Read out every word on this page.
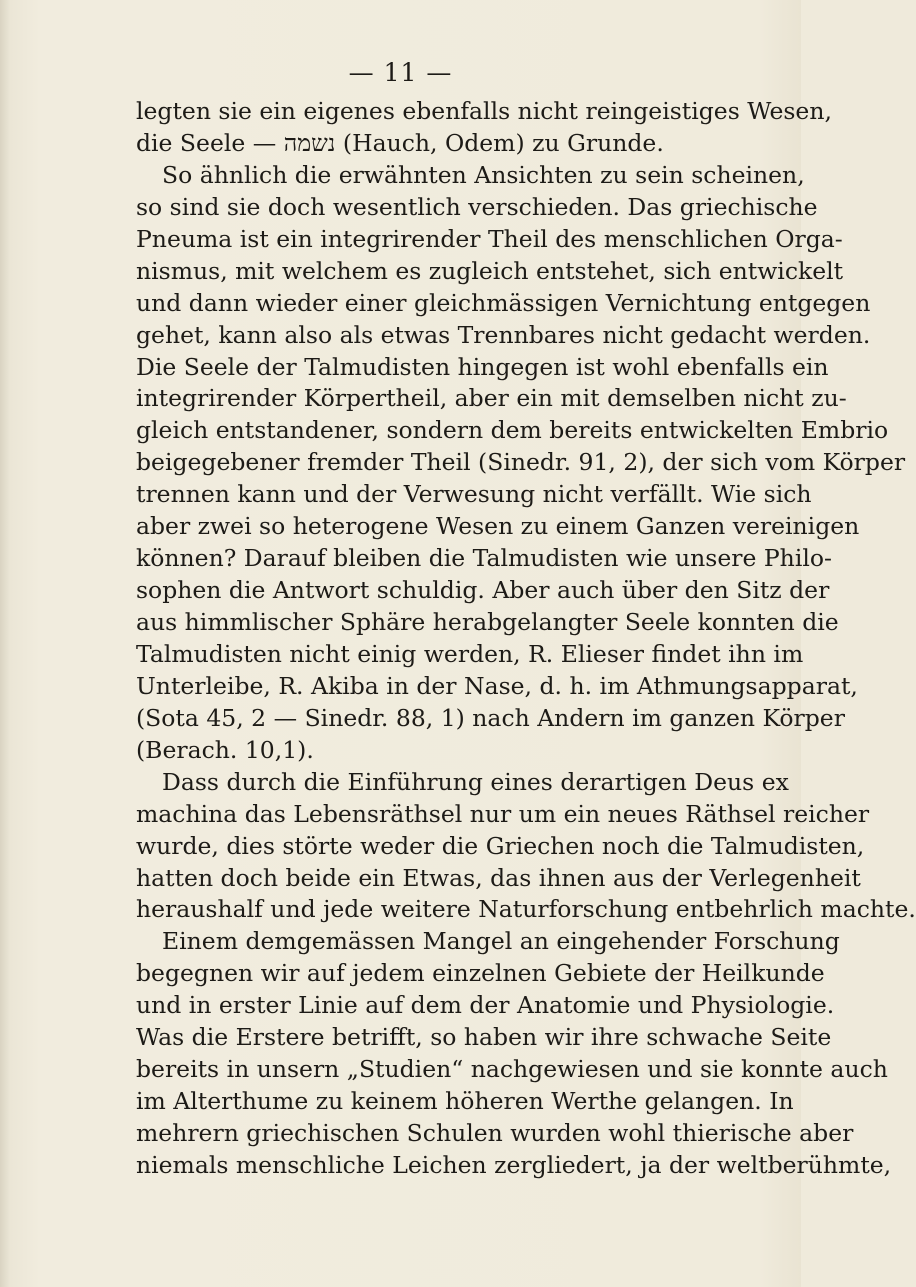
— 11 —
legten sie ein eigenes ebenfalls nicht reingeistiges Wesen,
die Seele — נשמה (Hauch, Odem) zu Grunde.
So ähnlich die erwähnten Ansichten zu sein scheinen,
so sind sie doch wesentlich verschieden. Das griechische
Pneuma ist ein integrirender Theil des menschlichen Orga-
nismus, mit welchem es zugleich entstehet, sich entwickelt
und dann wieder einer gleichmässigen Vernichtung entgegen
gehet, kann also als etwas Trennbares nicht gedacht werden.
Die Seele der Talmudisten hingegen ist wohl ebenfalls ein
integrirender Körpertheil, aber ein mit demselben nicht zu-
gleich entstandener, sondern dem bereits entwickelten Embrio
beigegebener fremder Theil (Sinedr. 91, 2), der sich vom Körper
trennen kann und der Verwesung nicht verfällt. Wie sich
aber zwei so heterogene Wesen zu einem Ganzen vereinigen
können? Darauf bleiben die Talmudisten wie unsere Philo-
sophen die Antwort schuldig. Aber auch über den Sitz der
aus himmlischer Sphäre herabgelangter Seele konnten die
Talmudisten nicht einig werden, R. Elieser findet ihn im
Unterleibe, R. Akiba in der Nase, d. h. im Athmungsapparat,
(Sota 45, 2 — Sinedr. 88, 1) nach Andern im ganzen Körper
(Berach. 10,1).
Dass durch die Einführung eines derartigen Deus ex
machina das Lebensräthsel nur um ein neues Räthsel reicher
wurde, dies störte weder die Griechen noch die Talmudisten,
hatten doch beide ein Etwas, das ihnen aus der Verlegenheit
heraushalf und jede weitere Naturforschung entbehrlich machte.
Einem demgemässen Mangel an eingehender Forschung
begegnen wir auf jedem einzelnen Gebiete der Heilkunde
und in erster Linie auf dem der Anatomie und Physiologie.
Was die Erstere betrifft, so haben wir ihre schwache Seite
bereits in unsern „Studien“ nachgewiesen und sie konnte auch
im Alterthume zu keinem höheren Werthe gelangen. In
mehrern griechischen Schulen wurden wohl thierische aber
niemals menschliche Leichen zergliedert, ja der weltberühmte,
